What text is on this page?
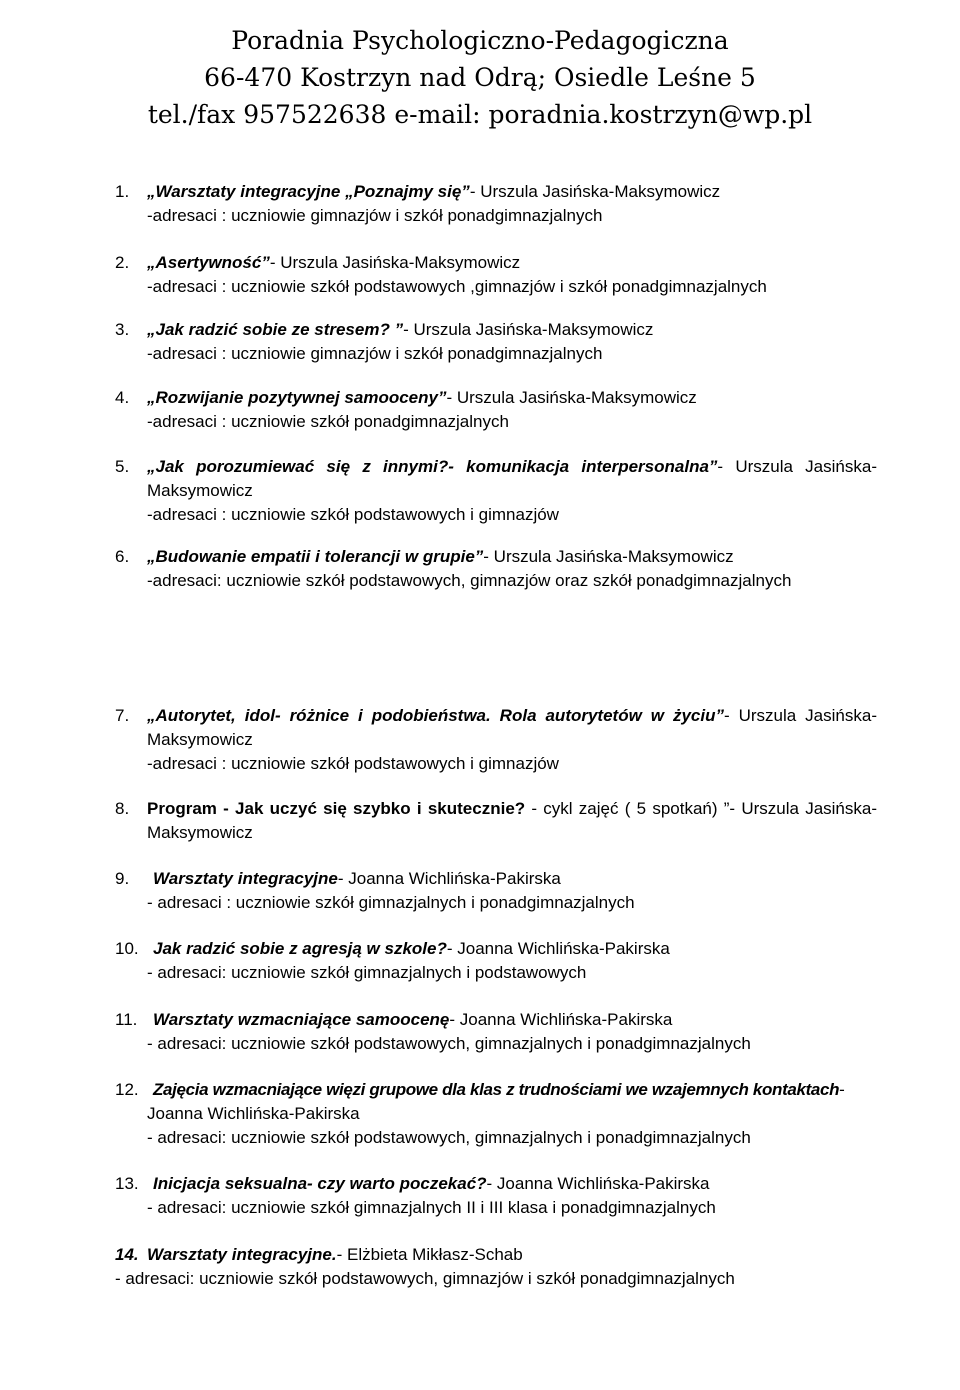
Poradnia Psychologiczno-Pedagogiczna
66-470 Kostrzyn nad Odrą; Osiedle Leśne 5
tel./fax 957522638 e-mail: poradnia.kostrzyn@wp.pl
1.	„Warsztaty integracyjne „Poznajmy się”- Urszula Jasińska-Maksymowicz
-adresaci : uczniowie gimnazjów i szkół ponadgimnazjalnych
2.	„Asertywność”- Urszula Jasińska-Maksymowicz
-adresaci : uczniowie szkół podstawowych ,gimnazjów i szkół ponadgimnazjalnych
3.	„Jak radzić sobie ze stresem? ”- Urszula Jasińska-Maksymowicz
-adresaci : uczniowie gimnazjów i szkół ponadgimnazjalnych
4.	„Rozwijanie pozytywnej samooceny”- Urszula Jasińska-Maksymowicz
-adresaci : uczniowie szkół ponadgimnazjalnych
5.	„Jak porozumiewać się z innymi?- komunikacja interpersonalna”- Urszula Jasińska-
Maksymowicz
-adresaci : uczniowie szkół podstawowych i gimnazjów
6.	„Budowanie empatii i tolerancji w grupie”- Urszula Jasińska-Maksymowicz
-adresaci: uczniowie szkół podstawowych, gimnazjów oraz szkół ponadgimnazjalnych
7.	„Autorytet, idol- różnice i podobieństwa. Rola autorytetów w życiu”- Urszula Jasińska-
Maksymowicz
-adresaci : uczniowie szkół podstawowych i gimnazjów
8.	Program - Jak uczyć się szybko i skutecznie? - cykl zajęć ( 5 spotkań) ”- Urszula Jasińska-
Maksymowicz
9.	Warsztaty integracyjne- Joanna Wichlińska-Pakirska
- adresaci : uczniowie szkół gimnazjalnych i ponadgimnazjalnych
10. Jak radzić sobie z agresją w szkole?- Joanna Wichlińska-Pakirska
- adresaci: uczniowie szkół gimnazjalnych i podstawowych
11. Warsztaty wzmacniające samoocenę- Joanna Wichlińska-Pakirska
- adresaci: uczniowie szkół podstawowych, gimnazjalnych i ponadgimnazjalnych
12. Zajęcia wzmacniające więzi grupowe dla klas z trudnościami we wzajemnych kontaktach-
Joanna Wichlińska-Pakirska
- adresaci: uczniowie szkół podstawowych, gimnazjalnych i ponadgimnazjalnych
13. Inicjacja seksualna- czy warto poczekać?- Joanna Wichlińska-Pakirska
- adresaci: uczniowie szkół gimnazjalnych II i III klasa i ponadgimnazjalnych
14. Warsztaty integracyjne.- Elżbieta Mikłasz-Schab
- adresaci: uczniowie szkół podstawowych, gimnazjów i szkół ponadgimnazjalnych
